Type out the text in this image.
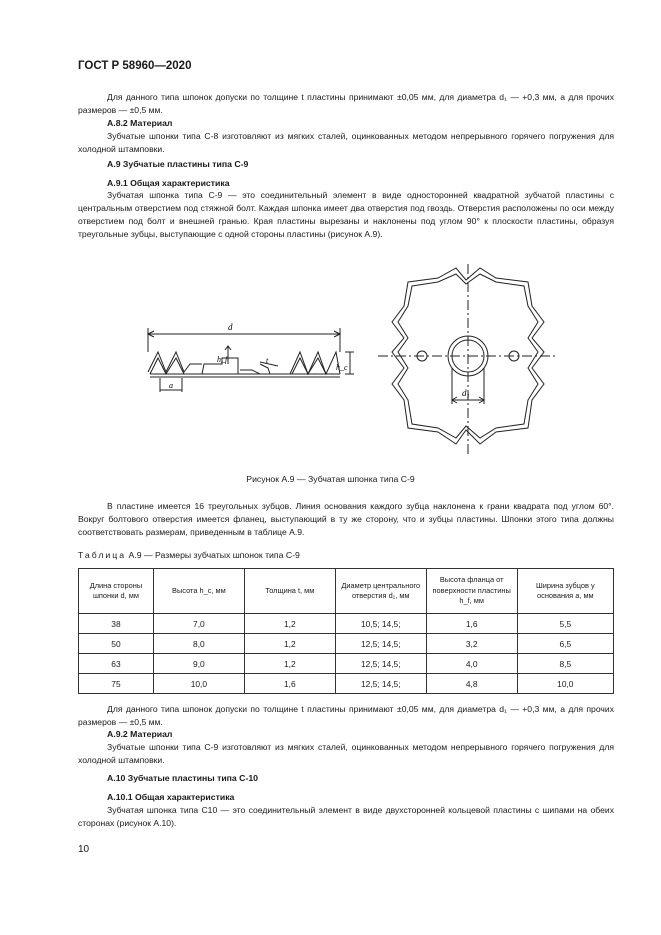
ГОСТ Р 58960—2020
Для данного типа шпонок допуски по толщине t пластины принимают ±0,05 мм, для диаметра d₁ — +0,3 мм, а для прочих размеров — ±0,5 мм.
А.8.2 Материал
Зубчатые шпонки типа С-8 изготовляют из мягких сталей, оцинкованных методом непрерывного горячего погружения для холодной штамповки.
А.9 Зубчатые пластины типа С-9
А.9.1 Общая характеристика
Зубчатая шпонка типа С-9 — это соединительный элемент в виде односторонней квадратной зубчатой пластины с центральным отверстием под стяжной болт. Каждая шпонка имеет два отверстия под гвоздь. Отверстия расположены по оси между отверстием под болт и внешней гранью. Края пластины вырезаны и наклонены под углом 90° к плоскости пластины, образуя треугольные зубцы, выступающие с одной стороны пластины (рисунок А.9).
d
h_f	t
h_c
a
d₁
Рисунок А.9 — Зубчатая шпонка типа С-9
В пластине имеется 16 треугольных зубцов. Линия основания каждого зубца наклонена к грани квадрата под углом 60°. Вокруг болтового отверстия имеется фланец, выступающий в ту же сторону, что и зубцы пластины. Шпонки этого типа должны соответствовать размерам, приведенным в таблице А.9.
Таблица А.9 — Размеры зубчатых шпонок типа С-9
Длина стороны шпонки d, мм	Высота h_c, мм	Толщина t, мм	Диаметр центрального отверстия d₁, мм	Высота фланца от поверхности пластины h_f, мм	Ширина зубцов у основания a, мм
38	7,0	1,2	10,5; 14,5;	1,6	5,5
50	8,0	1,2	12,5; 14,5;	3,2	6,5
63	9,0	1,2	12,5; 14,5;	4,0	8,5
75	10,0	1,6	12,5; 14,5;	4,8	10,0
Для данного типа шпонок допуски по толщине t пластины принимают ±0,05 мм, для диаметра d₁ — +0,3 мм, а для прочих размеров — ±0,5 мм.
А.9.2 Материал
Зубчатые шпонки типа С-9 изготовляют из мягких сталей, оцинкованных методом непрерывного горячего погружения для холодной штамповки.
А.10 Зубчатые пластины типа С-10
А.10.1 Общая характеристика
Зубчатая шпонка типа С10 — это соединительный элемент в виде двухсторонней кольцевой пластины с шипами на обеих сторонах (рисунок А.10).
10
